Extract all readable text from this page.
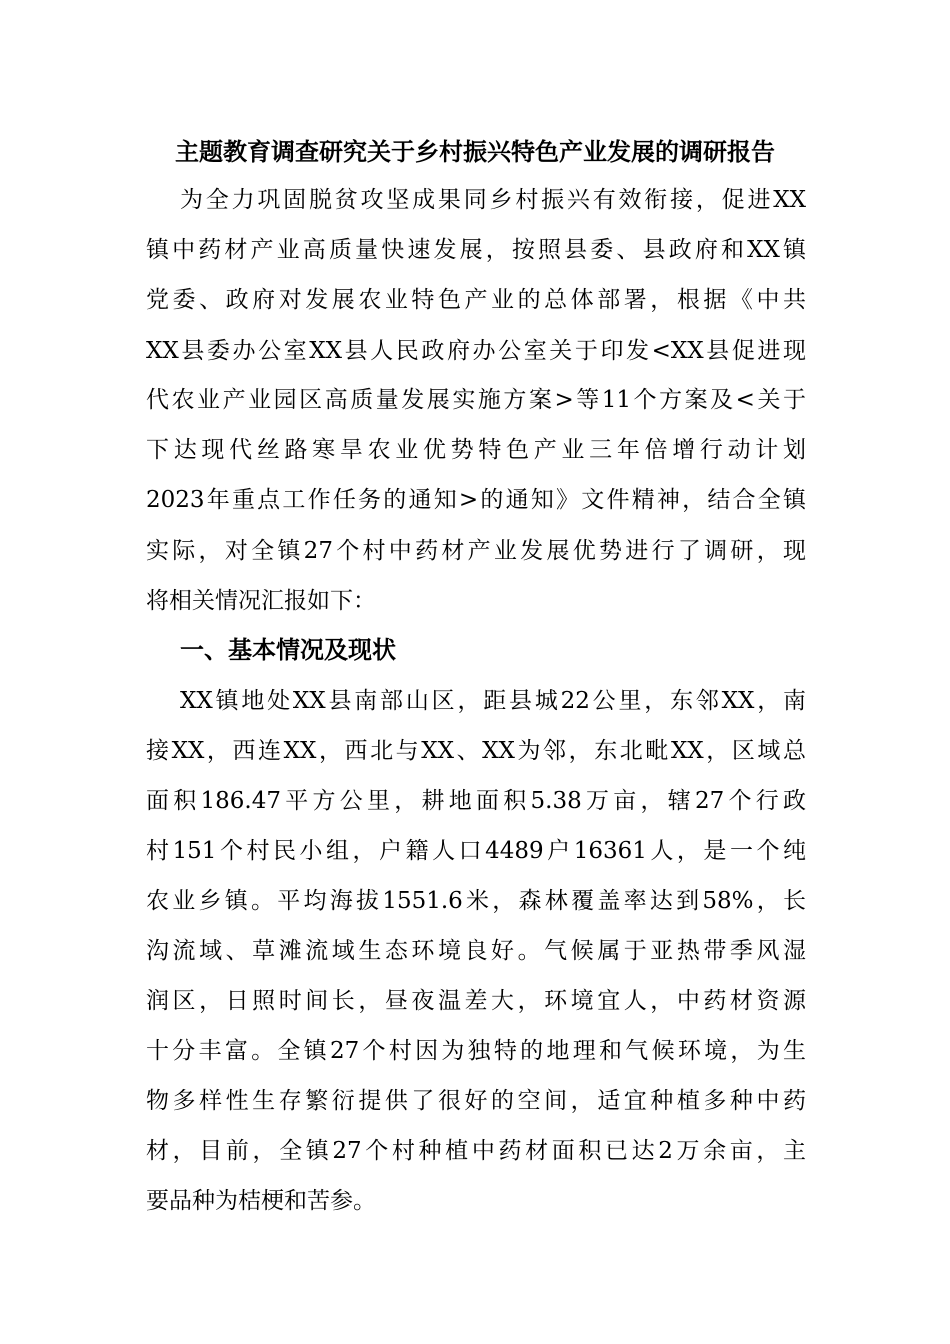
主题教育调查研究关于乡村振兴特色产业发展的调研报告
为全力巩固脱贫攻坚成果同乡村振兴有效衔接，促进XX
镇中药材产业高质量快速发展，按照县委、县政府和XX镇
党委、政府对发展农业特色产业的总体部署，根据《中共
XX县委办公室XX县人民政府办公室关于印发<XX县促进现
代农业产业园区高质量发展实施方案>等11个方案及<关于
下达现代丝路寒旱农业优势特色产业三年倍增行动计划
2023年重点工作任务的通知>的通知》文件精神，结合全镇
实际，对全镇27个村中药材产业发展优势进行了调研，现
将相关情况汇报如下：
一、基本情况及现状
XX镇地处XX县南部山区，距县城22公里，东邻XX，南
接XX，西连XX，西北与XX、XX为邻，东北毗XX，区域总
面积186.47平方公里，耕地面积5.38万亩，辖27个行政
村151个村民小组，户籍人口4489户16361人，是一个纯
农业乡镇。平均海拔1551.6米，森林覆盖率达到58%，长
沟流域、草滩流域生态环境良好。气候属于亚热带季风湿
润区，日照时间长，昼夜温差大，环境宜人，中药材资源
十分丰富。全镇27个村因为独特的地理和气候环境，为生
物多样性生存繁衍提供了很好的空间，适宜种植多种中药
材，目前，全镇27个村种植中药材面积已达2万余亩，主
要品种为桔梗和苦参。
